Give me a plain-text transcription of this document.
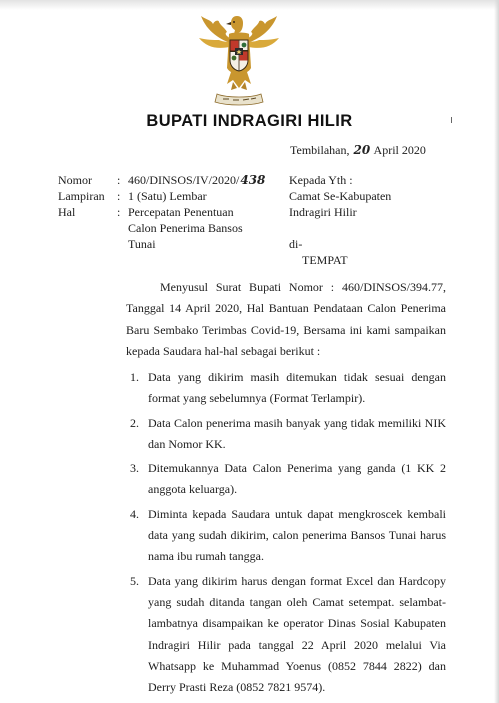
BUPATI INDRAGIRI HILIR
Tembilahan, 20 April 2020
Nomor
Lampiran
Hal
:
:
:
460/DINSOS/IV/2020/438
1 (Satu) Lembar
Percepatan Penentuan
Calon Penerima Bansos
Tunai
Kepada Yth :
Camat Se-Kabupaten
Indragiri Hilir
di-
TEMPAT
Menyusul Surat Bupati Nomor : 460/DINSOS/394.77, Tanggal 14 April 2020, Hal Bantuan Pendataan Calon Penerima Baru Sembako Terimbas Covid-19, Bersama ini kami sampaikan kepada Saudara hal-hal sebagai berikut :
1. Data yang dikirim masih ditemukan tidak sesuai dengan format yang sebelumnya (Format Terlampir).
2. Data Calon penerima masih banyak yang tidak memiliki NIK dan Nomor KK.
3. Ditemukannya Data Calon Penerima yang ganda (1 KK 2 anggota keluarga).
4. Diminta kepada Saudara untuk dapat mengkroscek kembali data yang sudah dikirim, calon penerima Bansos Tunai harus nama ibu rumah tangga.
5. Data yang dikirim harus dengan format Excel dan Hardcopy yang sudah ditanda tangan oleh Camat setempat. selambat-lambatnya disampaikan ke operator Dinas Sosial Kabupaten Indragiri Hilir pada tanggal 22 April 2020 melalui Via Whatsapp ke Muhammad Yoenus (0852 7844 2822) dan Derry Prasti Reza (0852 7821 9574).
